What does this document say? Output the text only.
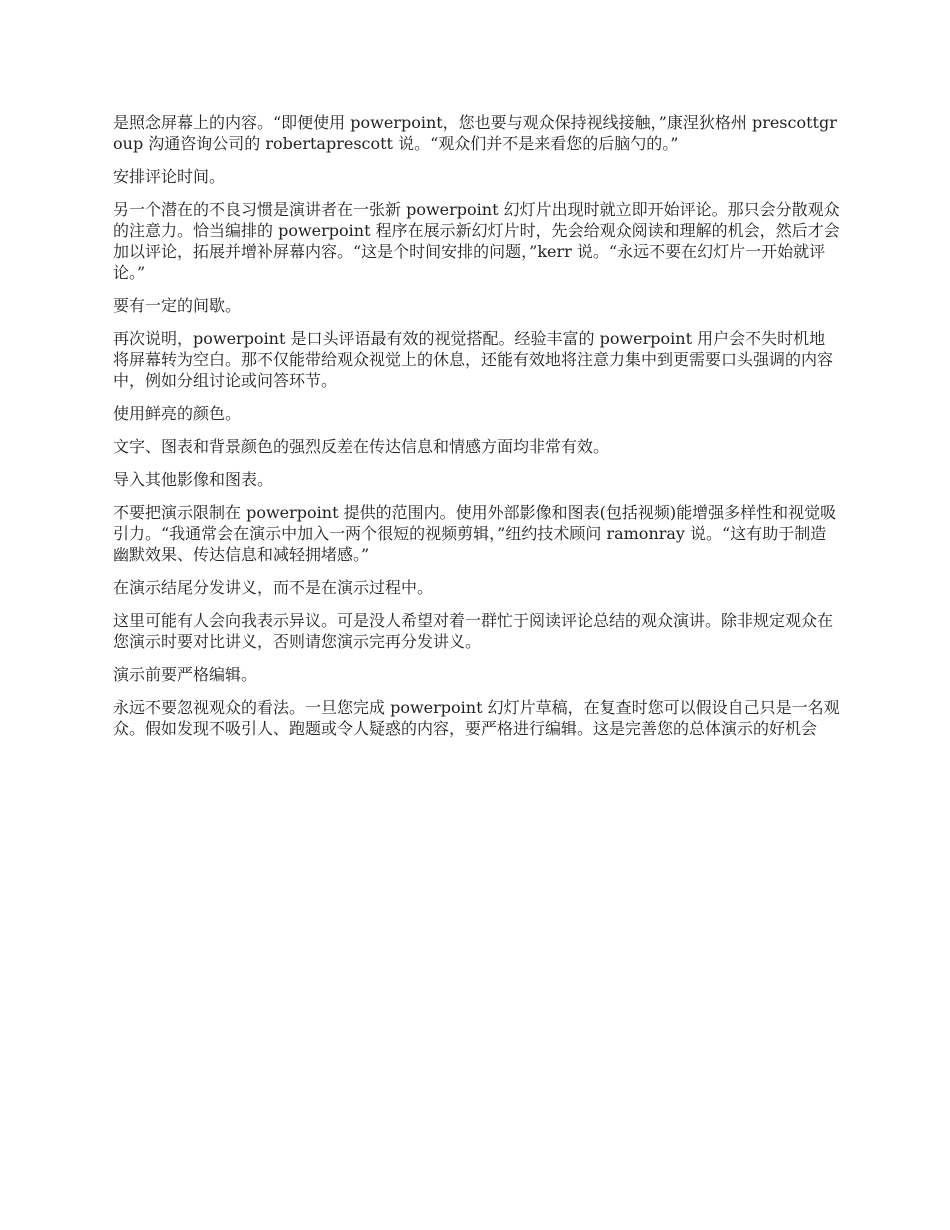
是照念屏幕上的内容。“即便使用 powerpoint，您也要与观众保持视线接触，”康涅狄格州 prescottgroup 沟通咨询公司的 robertaprescott 说。“观众们并不是来看您的后脑勺的。”

安排评论时间。

另一个潜在的不良习惯是演讲者在一张新 powerpoint 幻灯片出现时就立即开始评论。那只会分散观众的注意力。恰当编排的 powerpoint 程序在展示新幻灯片时，先会给观众阅读和理解的机会，然后才会加以评论，拓展并增补屏幕内容。“这是个时间安排的问题，”kerr 说。“永远不要在幻灯片一开始就评论。”

要有一定的间歇。

再次说明，powerpoint 是口头评语最有效的视觉搭配。经验丰富的 powerpoint 用户会不失时机地将屏幕转为空白。那不仅能带给观众视觉上的休息，还能有效地将注意力集中到更需要口头强调的内容中，例如分组讨论或问答环节。

使用鲜亮的颜色。

文字、图表和背景颜色的强烈反差在传达信息和情感方面均非常有效。

导入其他影像和图表。

不要把演示限制在 powerpoint 提供的范围内。使用外部影像和图表(包括视频)能增强多样性和视觉吸引力。“我通常会在演示中加入一两个很短的视频剪辑，”纽约技术顾问 ramonray 说。“这有助于制造幽默效果、传达信息和减轻拥堵感。”

在演示结尾分发讲义，而不是在演示过程中。

这里可能有人会向我表示异议。可是没人希望对着一群忙于阅读评论总结的观众演讲。除非规定观众在您演示时要对比讲义，否则请您演示完再分发讲义。

演示前要严格编辑。

永远不要忽视观众的看法。一旦您完成 powerpoint 幻灯片草稿，在复查时您可以假设自己只是一名观众。假如发现不吸引人、跑题或令人疑惑的内容，要严格进行编辑。这是完善您的总体演示的好机会
